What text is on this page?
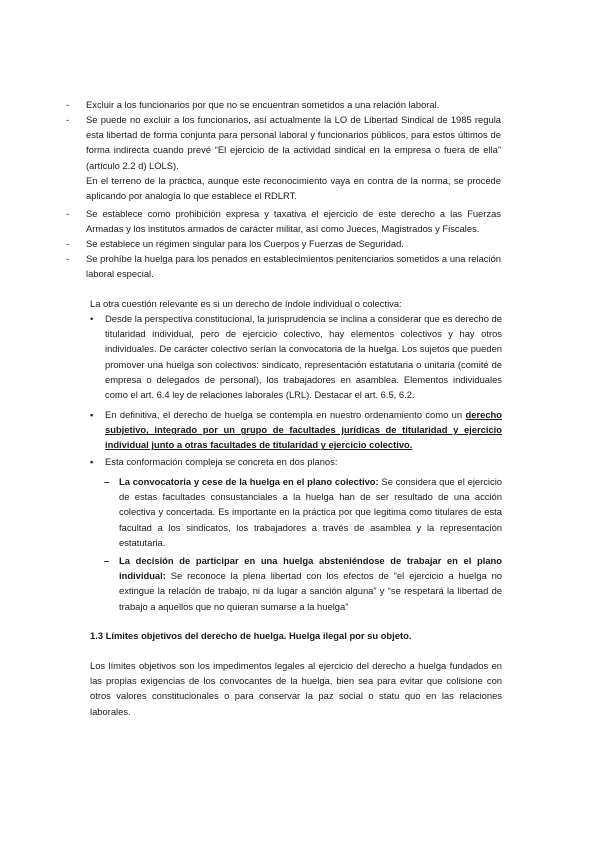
- Excluir a los funcionarios por que no se encuentran sometidos a una relación laboral.

- Se puede no excluir a los funcionarios, así actualmente la LO de Libertad Sindical de 1985 regula esta libertad de forma conjunta para personal laboral y funcionarios públicos, para estos últimos de forma indirecta cuando prevé “El ejercicio de la actividad sindical en la empresa o fuera de ella” (artículo 2.2 d) LOLS).

En el terreno de la práctica, aunque este reconocimiento vaya en contra de la norma, se procede aplicando por analogía lo que establece el RDLRT.

- Se establece como prohibición expresa y taxativa el ejercicio de este derecho a las Fuerzas Armadas y los institutos armados de carácter militar, así como Jueces, Magistrados y Fiscales.

- Se establece un régimen singular para los Cuerpos y Fuerzas de Seguridad.

- Se prohíbe la huelga para los penados en establecimientos penitenciarios sometidos a una relación laboral especial.

La otra cuestión relevante es si un derecho de índole individual o colectiva:

• Desde la perspectiva constitucional, la jurisprudencia se inclina a considerar que es derecho de titularidad individual, pero de ejercicio colectivo, hay elementos colectivos y hay otros individuales. De carácter colectivo serían la convocatoria de la huelga. Los sujetos que pueden promover una huelga son colectivos: sindicato, representación estatutaria o unitaria (comité de empresa o delegados de personal), los trabajadores en asamblea. Elementos individuales como el art. 6.4 ley de relaciones laborales (LRL). Destacar el art. 6.5, 6.2.

▪ En definitiva, el derecho de huelga se contempla en nuestro ordenamiento como un derecho subjetivo, integrado por un grupo de facultades jurídicas de titularidad y ejercicio individual junto a otras facultades de titularidad y ejercicio colectivo.

▪ Esta conformación compleja se concreta en dos planos:

– La convocatoria y cese de la huelga en el plano colectivo: Se considera que el ejercicio de estas facultades consustanciales a la huelga han de ser resultado de una acción colectiva y concertada. Es importante en la práctica por que legitima como titulares de esta facultad a los sindicatos, los trabajadores a través de asamblea y la representación estatutaria.

– La decisión de participar en una huelga absteniéndose de trabajar en el plano individual: Se reconoce la plena libertad con los efectos de “el ejercicio a huelga no extingue la relación de trabajo, ni da lugar a sanción alguna” y “se respetará la libertad de trabajo a aquellos que no quieran sumarse a la huelga”

1.3 Límites objetivos del derecho de huelga. Huelga ilegal por su objeto.

Los límites objetivos son los impedimentos legales al ejercicio del derecho a huelga fundados en las propias exigencias de los convocantes de la huelga, bien sea para evitar que colisione con otros valores constitucionales o para conservar la paz social o statu quo en las relaciones laborales.
